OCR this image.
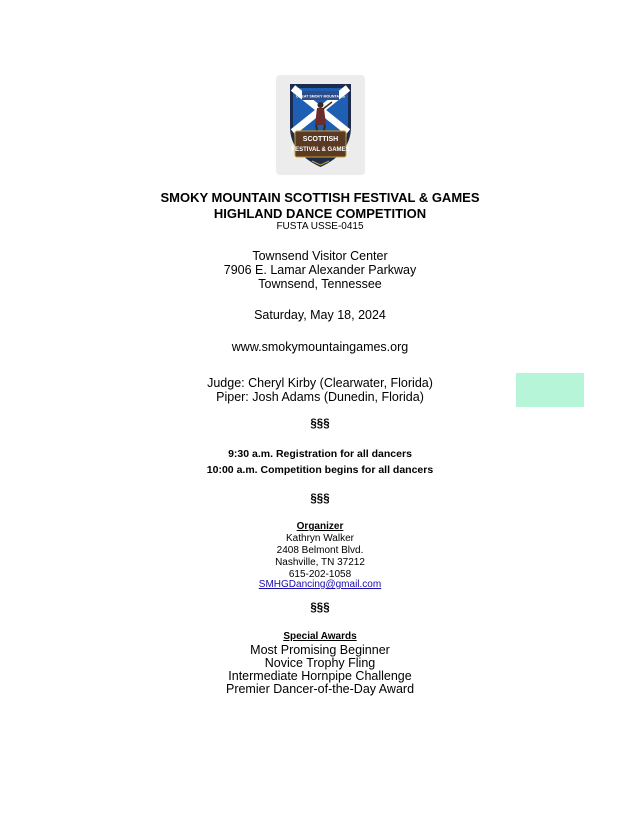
GREAT SMOKY MOUNTAINS
SCOTTISH
FESTIVAL & GAMES
SMOKY MOUNTAIN SCOTTISH FESTIVAL & GAMES
HIGHLAND DANCE COMPETITION
FUSTA USSE-0415
Townsend Visitor Center
7906 E. Lamar Alexander Parkway
Townsend, Tennessee
Saturday, May 18, 2024
www.smokymountaingames.org
Judge: Cheryl Kirby (Clearwater, Florida)
Piper: Josh Adams (Dunedin, Florida)
§§§
9:30 a.m. Registration for all dancers
10:00 a.m. Competition begins for all dancers
§§§
Organizer
Kathryn Walker
2408 Belmont Blvd.
Nashville, TN 37212
615-202-1058
SMHGDancing@gmail.com
§§§
Special Awards
Most Promising Beginner
Novice Trophy Fling
Intermediate Hornpipe Challenge
Premier Dancer-of-the-Day Award
